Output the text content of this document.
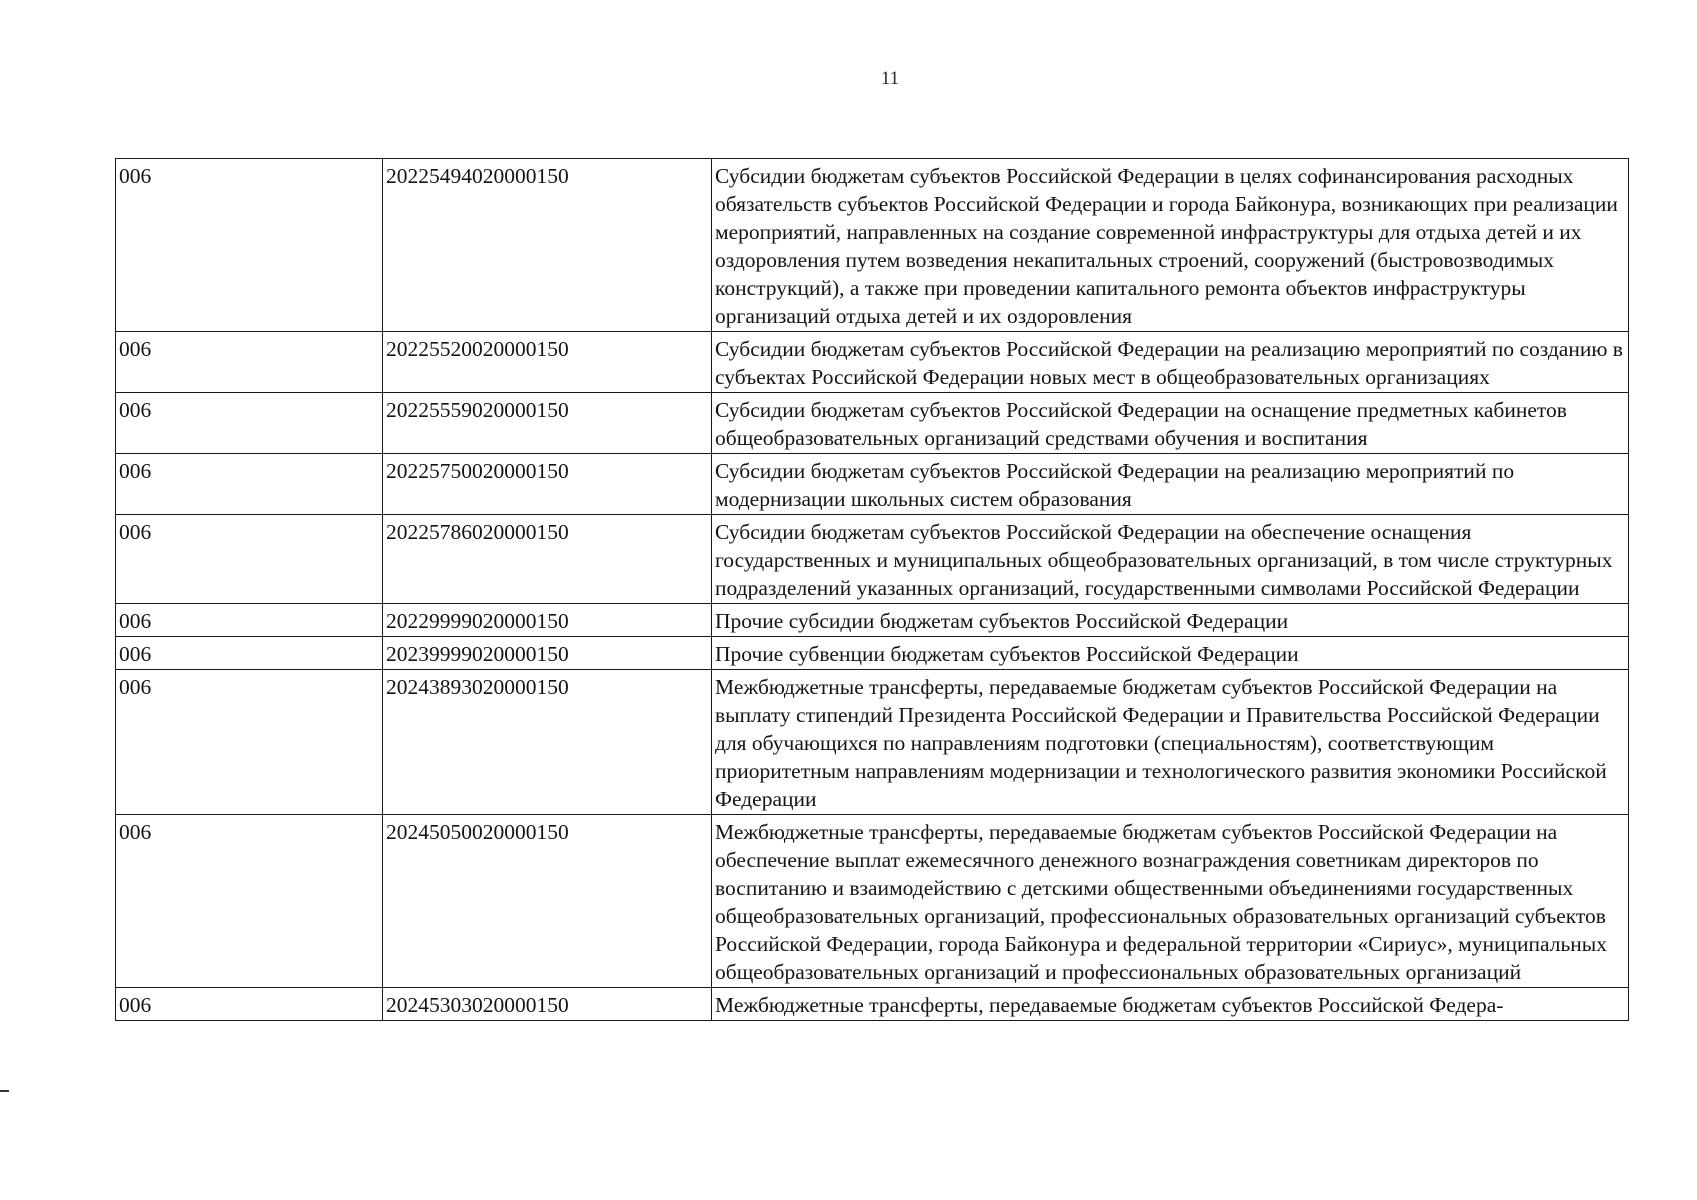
11
006	20225494020000150	Субсидии бюджетам субъектов Российской Федерации в целях софинансирования расходных обязательств субъектов Российской Федерации и города Байконура, возникающих при реализации мероприятий, направленных на создание современной инфраструктуры для отдыха детей и их оздоровления путем возведения некапитальных строений, сооружений (быстровозводимых конструкций), а также при проведении капитального ремонта объектов инфраструктуры организаций отдыха детей и их оздоровления
006	20225520020000150	Субсидии бюджетам субъектов Российской Федерации на реализацию мероприятий по созданию в субъектах Российской Федерации новых мест в общеобразовательных организациях
006	20225559020000150	Субсидии бюджетам субъектов Российской Федерации на оснащение предметных кабинетов общеобразовательных организаций средствами обучения и воспитания
006	20225750020000150	Субсидии бюджетам субъектов Российской Федерации на реализацию мероприятий по модернизации школьных систем образования
006	20225786020000150	Субсидии бюджетам субъектов Российской Федерации на обеспечение оснащения государственных и муниципальных общеобразовательных организаций, в том числе структурных подразделений указанных организаций, государственными символами Российской Федерации
006	20229999020000150	Прочие субсидии бюджетам субъектов Российской Федерации
006	20239999020000150	Прочие субвенции бюджетам субъектов Российской Федерации
006	20243893020000150	Межбюджетные трансферты, передаваемые бюджетам субъектов Российской Федерации на выплату стипендий Президента Российской Федерации и Правительства Российской Федерации для обучающихся по направлениям подготовки (специальностям), соответствующим приоритетным направлениям модернизации и технологического развития экономики Российской Федерации
006	20245050020000150	Межбюджетные трансферты, передаваемые бюджетам субъектов Российской Федерации на обеспечение выплат ежемесячного денежного вознаграждения советникам директоров по воспитанию и взаимодействию с детскими общественными объединениями государственных общеобразовательных организаций, профессиональных образовательных организаций субъектов Российской Федерации, города Байконура и федеральной территории «Сириус», муниципальных общеобразовательных организаций и профессиональных образовательных организаций
006	20245303020000150	Межбюджетные трансферты, передаваемые бюджетам субъектов Российской Федера-
